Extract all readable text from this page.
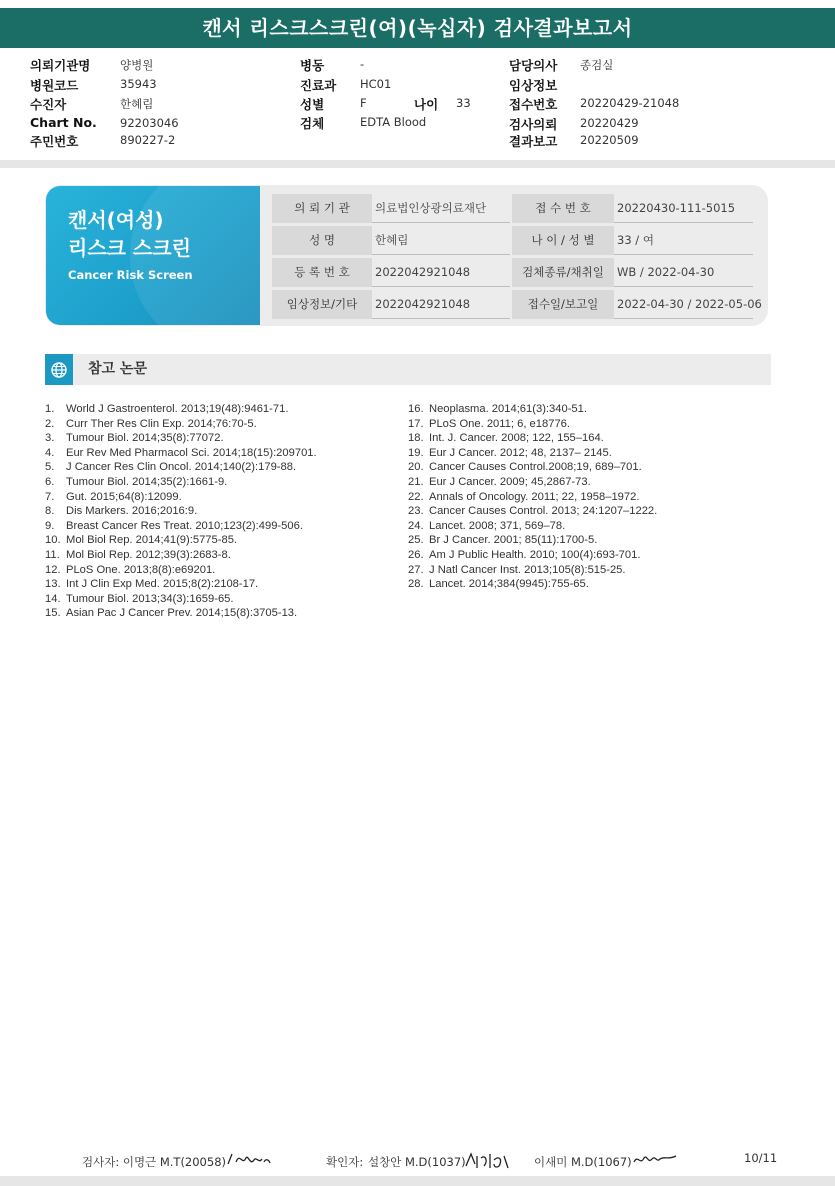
캔서 리스크스크린(여)(녹십자) 검사결과보고서
의뢰기관명	양병원
병원코드	35943
수진자	한혜림
Chart No. 92203046
주민번호	890227-2
병동	-
진료과 HC01
성별	F	나이 33
검체	EDTA Blood
담당의사 종검실
임상정보
접수번호 20220429-21048
검사의뢰 20220429
결과보고 20220509
캔서(여성)
리스크 스크린
Cancer Risk Screen
의 뢰 기 관	의료법인상광의료재단	접 수 번 호	20220430-111-5015
성 명	한혜림	나 이 / 성 별	33 / 여
등 록 번 호	2022042921048	검체종류/채취일	WB / 2022-04-30
임상정보/기타	2022042921048	접수일/보고일	2022-04-30 / 2022-05-06
참고 논문
1. World J Gastroenterol. 2013;19(48):9461-71.
2. Curr Ther Res Clin Exp. 2014;76:70-5.
3. Tumour Biol. 2014;35(8):77072.
4. Eur Rev Med Pharmacol Sci. 2014;18(15):209701.
5. J Cancer Res Clin Oncol. 2014;140(2):179-88.
6. Tumour Biol. 2014;35(2):1661-9.
7. Gut. 2015;64(8):12099.
8. Dis Markers. 2016;2016:9.
9. Breast Cancer Res Treat. 2010;123(2):499-506.
10. Mol Biol Rep. 2014;41(9):5775-85.
11. Mol Biol Rep. 2012;39(3):2683-8.
12. PLoS One. 2013;8(8):e69201.
13. Int J Clin Exp Med. 2015;8(2):2108-17.
14. Tumour Biol. 2013;34(3):1659-65.
15. Asian Pac J Cancer Prev. 2014;15(8):3705-13.
16. Neoplasma. 2014;61(3):340-51.
17. PLoS One. 2011; 6, e18776.
18. Int. J. Cancer. 2008; 122, 155–164.
19. Eur J Cancer. 2012; 48, 2137– 2145.
20. Cancer Causes Control.2008;19, 689–701.
21. Eur J Cancer. 2009; 45,2867-73.
22. Annals of Oncology. 2011; 22, 1958–1972.
23. Cancer Causes Control. 2013; 24:1207–1222.
24. Lancet. 2008; 371, 569–78.
25. Br J Cancer. 2001; 85(11):1700-5.
26. Am J Public Health. 2010; 100(4):693-701.
27. J Natl Cancer Inst. 2013;105(8):515-25.
28. Lancet. 2014;384(9945):755-65.
검사자: 이명근 M.T(20058)	확인자: 설창안 M.D(1037)	이새미 M.D(1067)	10/11
